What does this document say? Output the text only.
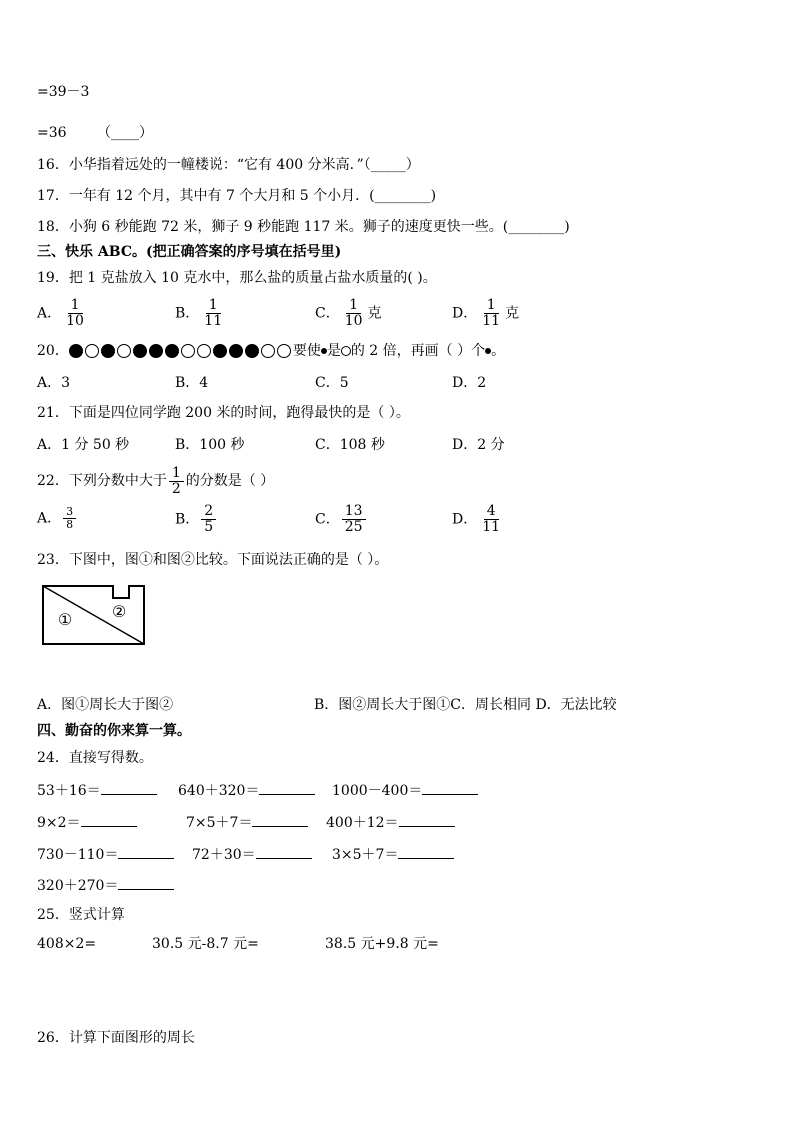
=39－3
=36 （____）
16．小华指着远处的一幢楼说：“它有 400 分米高．”（_____）
17．一年有 12 个月，其中有 7 个大月和 5 个小月．(________)
18．小狗 6 秒能跑 72 米，狮子 9 秒能跑 117 米。狮子的速度更快一些。(________)
三、快乐 ABC。(把正确答案的序号填在括号里)
19．把 1 克盐放入 10 克水中，那么盐的质量占盐水质量的( )。
A． $\frac{1}{10}$	B． $\frac{1}{11}$	C． $\frac{1}{10}$ 克	D． $\frac{1}{11}$ 克
20．	要使 是 的 2 倍，再画（ ）个 。
A．3	B．4	C．5	D．2
21．下面是四位同学跑 200 米的时间，跑得最快的是（ ）。
A．1 分 50 秒	B．100 秒	C．108 秒	D．2 分
22．下列分数中大于 $\frac{1}{2}$ 的分数是（ ）
A． $\frac{3}{8}$	B． $\frac{2}{5}$	C． $\frac{13}{25}$	D． $\frac{4}{11}$
23．下图中，图①和图②比较。下面说法正确的是（ ）。
① ②
A．图①周长大于图②	B．图②周长大于图①C．周长相同 D．无法比较
四、勤奋的你来算一算。
24．直接写得数。
53＋16＝	640＋320＝	1000－400＝
9×2＝	7×5＋7＝	400＋12＝
730－110＝	72＋30＝	3×5＋7＝
320＋270＝
25．竖式计算
408×2=	30.5 元-8.7 元=	38.5 元+9.8 元=
26．计算下面图形的周长
